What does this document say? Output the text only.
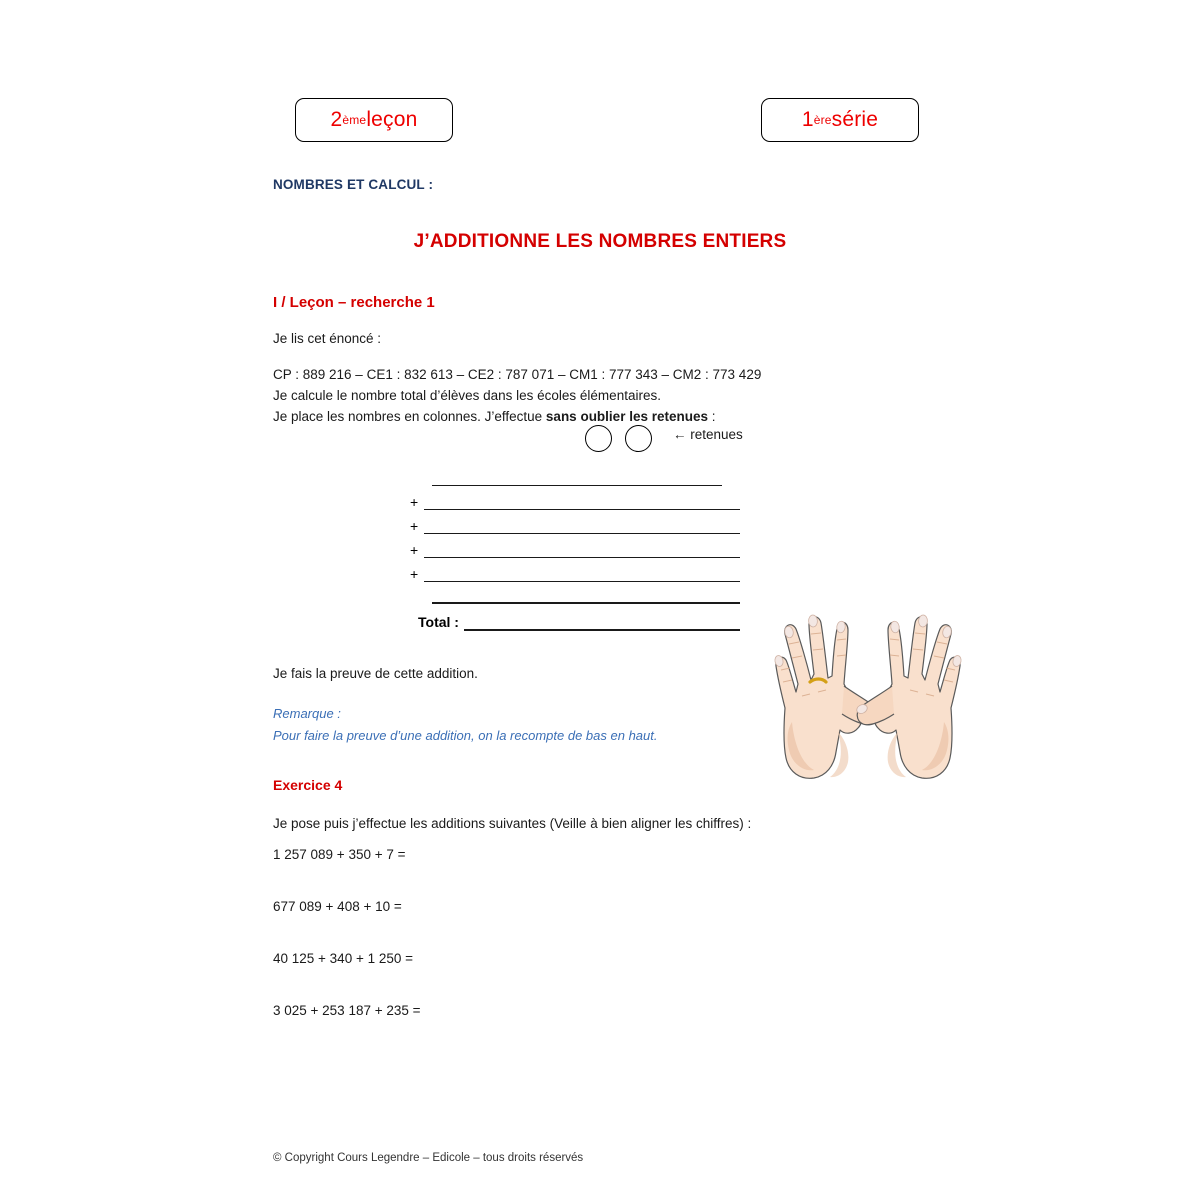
2 ème leçon	1 ère série
NOMBRES ET CALCUL :
J’ADDITIONNE LES NOMBRES ENTIERS
I / Leçon – recherche 1
Je lis cet énoncé :
CP : 889 216 – CE1 : 832 613 – CE2 : 787 071 – CM1 : 777 343 – CM2 : 773 429
Je calcule le nombre total d’élèves dans les écoles élémentaires.
Je place les nombres en colonnes. J’effectue sans oublier les retenues :
← retenues
+
+
+
+
Total :
Je fais la preuve de cette addition.
Remarque :
Pour faire la preuve d’une addition, on la recompte de bas en haut.
Exercice 4
Je pose puis j’effectue les additions suivantes (Veille à bien aligner les chiffres) :
1 257 089 + 350 + 7 =
677 089 + 408 + 10 =
40 125 + 340 + 1 250 =
3 025 + 253 187 + 235 =
© Copyright Cours Legendre – Edicole – tous droits réservés
